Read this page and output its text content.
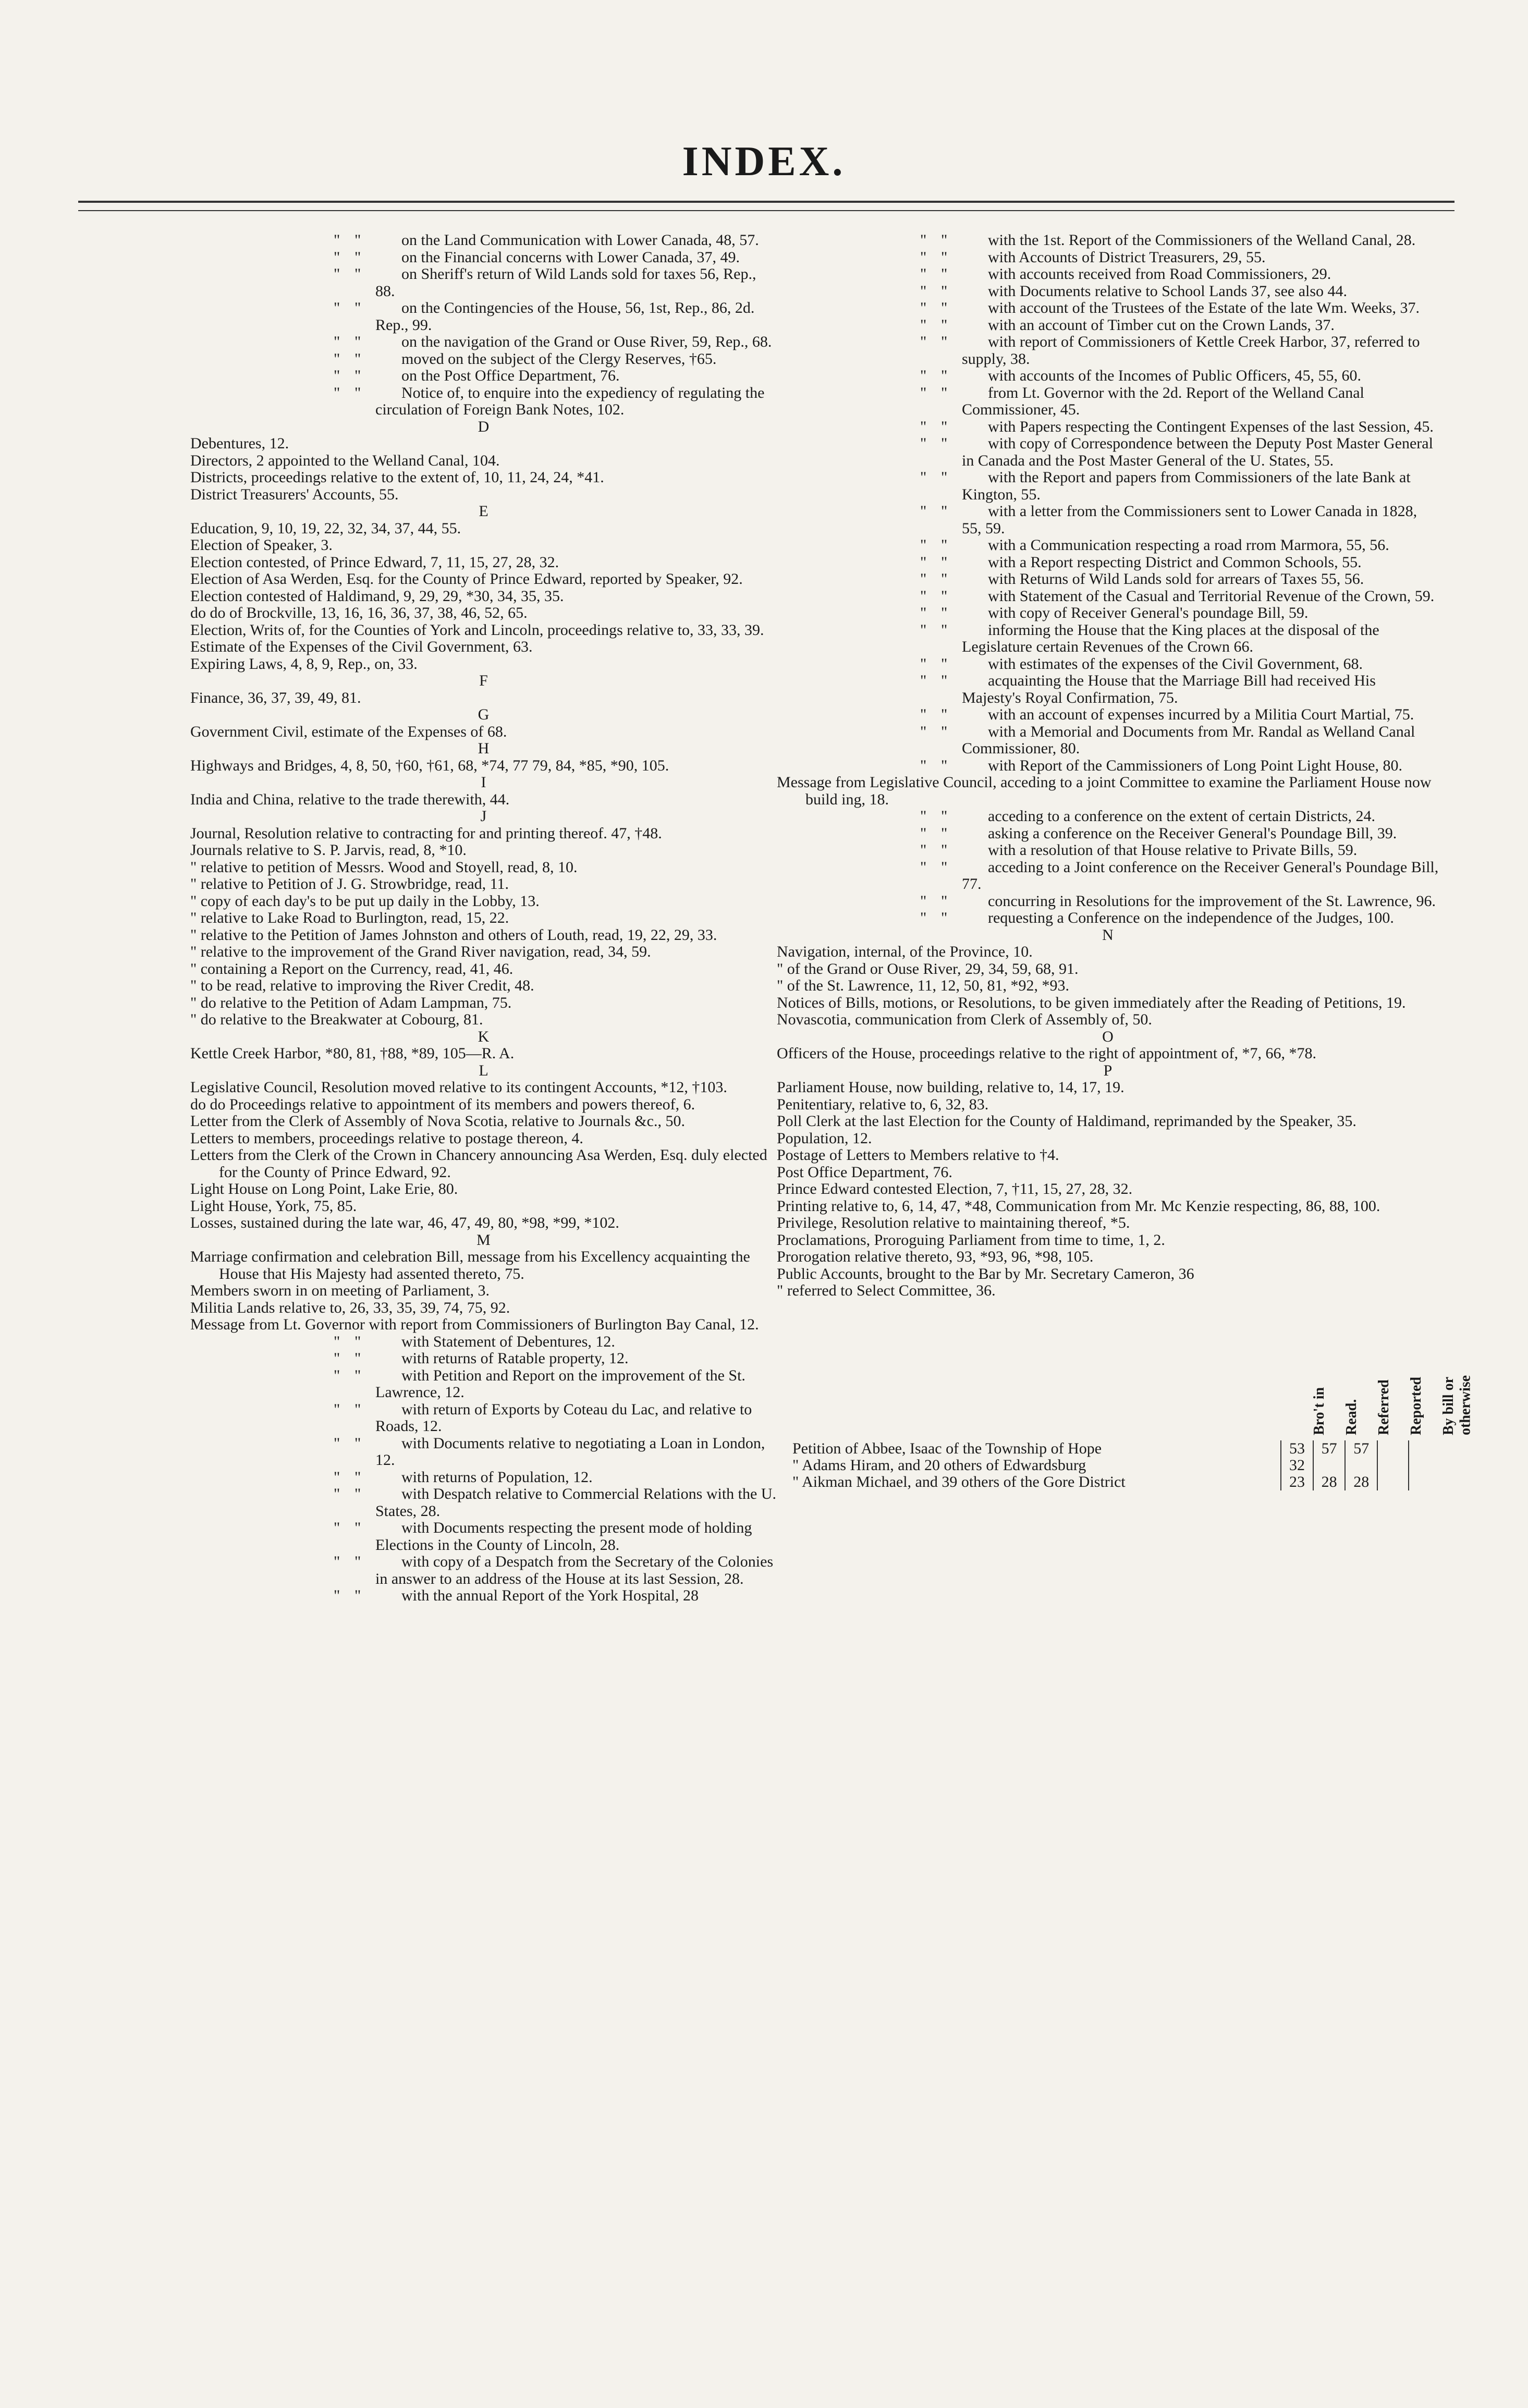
INDEX.
" "	on the Land Communication with Lower Canada, 48, 57.
" "	on the Financial concerns with Lower Canada, 37, 49.
" "	on Sheriff's return of Wild Lands sold for taxes 56, Rep., 88.
" "	on the Contingencies of the House, 56, 1st, Rep., 86, 2d. Rep., 99.
" "	on the navigation of the Grand or Ouse River, 59, Rep., 68.
" "	moved on the subject of the Clergy Reserves, †65.
" "	on the Post Office Department, 76.
" "	Notice of, to enquire into the expediency of regulating the circulation of Foreign Bank Notes, 102.
D
Debentures, 12.
Directors, 2 appointed to the Welland Canal, 104.
Districts, proceedings relative to the extent of, 10, 11, 24, 24, *41.
District Treasurers' Accounts, 55.
E
Education, 9, 10, 19, 22, 32, 34, 37, 44, 55.
Election of Speaker, 3.
Election contested, of Prince Edward, 7, 11, 15, 27, 28, 32.
Election of Asa Werden, Esq. for the County of Prince Edward, reported by Speaker, 92.
Election contested of Haldimand, 9, 29, 29, *30, 34, 35, 35.
do do of Brockville, 13, 16, 16, 36, 37, 38, 46, 52, 65.
Election, Writs of, for the Counties of York and Lincoln, proceedings relative to, 33, 33, 39.
Estimate of the Expenses of the Civil Government, 63.
Expiring Laws, 4, 8, 9, Rep., on, 33.
F
Finance, 36, 37, 39, 49, 81.
G
Government Civil, estimate of the Expenses of 68.
H
Highways and Bridges, 4, 8, 50, †60, †61, 68, *74, 77 79, 84, *85, *90, 105.
I
India and China, relative to the trade therewith, 44.
J
Journal, Resolution relative to contracting for and printing thereof. 47, †48.
Journals relative to S. P. Jarvis, read, 8, *10.
" relative to petition of Messrs. Wood and Stoyell, read, 8, 10.
" relative to Petition of J. G. Strowbridge, read, 11.
" copy of each day's to be put up daily in the Lobby, 13.
" relative to Lake Road to Burlington, read, 15, 22.
" relative to the Petition of James Johnston and others of Louth, read, 19, 22, 29, 33.
" relative to the improvement of the Grand River navigation, read, 34, 59.
" containing a Report on the Currency, read, 41, 46.
" to be read, relative to improving the River Credit, 48.
" do relative to the Petition of Adam Lampman, 75.
" do relative to the Breakwater at Cobourg, 81.
K
Kettle Creek Harbor, *80, 81, †88, *89, 105—R. A.
L
Legislative Council, Resolution moved relative to its contingent Accounts, *12, †103.
do do Proceedings relative to appointment of its members and powers thereof, 6.
Letter from the Clerk of Assembly of Nova Scotia, relative to Journals &c., 50.
Letters to members, proceedings relative to postage thereon, 4.
Letters from the Clerk of the Crown in Chancery announcing Asa Werden, Esq. duly elected for the County of Prince Edward, 92.
Light House on Long Point, Lake Erie, 80.
Light House, York, 75, 85.
Losses, sustained during the late war, 46, 47, 49, 80, *98, *99, *102.
M
Marriage confirmation and celebration Bill, message from his Excellency acquainting the House that His Majesty had assented thereto, 75.
Members sworn in on meeting of Parliament, 3.
Militia Lands relative to, 26, 33, 35, 39, 74, 75, 92.
Message from Lt. Governor with report from Commissioners of Burlington Bay Canal, 12.
" "	with Statement of Debentures, 12.
" "	with returns of Ratable property, 12.
" "	with Petition and Report on the improvement of the St. Lawrence, 12.
" "	with return of Exports by Coteau du Lac, and relative to Roads, 12.
" "	with Documents relative to negotiating a Loan in London, 12.
" "	with returns of Population, 12.
" "	with Despatch relative to Commercial Relations with the U. States, 28.
" "	with Documents respecting the present mode of holding Elections in the County of Lincoln, 28.
" "	with copy of a Despatch from the Secretary of the Colonies in answer to an address of the House at its last Session, 28.
" "	with the annual Report of the York Hospital, 28
" "	with the 1st. Report of the Commissioners of the Welland Canal, 28.
" "	with Accounts of District Treasurers, 29, 55.
" "	with accounts received from Road Commissioners, 29.
" "	with Documents relative to School Lands 37, see also 44.
" "	with account of the Trustees of the Estate of the late Wm. Weeks, 37.
" "	with an account of Timber cut on the Crown Lands, 37.
" "	with report of Commissioners of Kettle Creek Harbor, 37, referred to supply, 38.
" "	with accounts of the Incomes of Public Officers, 45, 55, 60.
" "	from Lt. Governor with the 2d. Report of the Welland Canal Commissioner, 45.
" "	with Papers respecting the Contingent Expenses of the last Session, 45.
" "	with copy of Correspondence between the Deputy Post Master General in Canada and the Post Master General of the U. States, 55.
" "	with the Report and papers from Commissioners of the late Bank at Kington, 55.
" "	with a letter from the Commissioners sent to Lower Canada in 1828, 55, 59.
" "	with a Communication respecting a road rrom Marmora, 55, 56.
" "	with a Report respecting District and Common Schools, 55.
" "	with Returns of Wild Lands sold for arrears of Taxes 55, 56.
" "	with Statement of the Casual and Territorial Revenue of the Crown, 59.
" "	with copy of Receiver General's poundage Bill, 59.
" "	informing the House that the King places at the disposal of the Legislature certain Revenues of the Crown 66.
" "	with estimates of the expenses of the Civil Government, 68.
" "	acquainting the House that the Marriage Bill had received His Majesty's Royal Confirmation, 75.
" "	with an account of expenses incurred by a Militia Court Martial, 75.
" "	with a Memorial and Documents from Mr. Randal as Welland Canal Commissioner, 80.
" "	with Report of the Cammissioners of Long Point Light House, 80.
Message from Legislative Council, acceding to a joint Committee to examine the Parliament House now build ing, 18.
" "	acceding to a conference on the extent of certain Districts, 24.
" "	asking a conference on the Receiver General's Poundage Bill, 39.
" "	with a resolution of that House relative to Private Bills, 59.
" "	acceding to a Joint conference on the Receiver General's Poundage Bill, 77.
" "	concurring in Resolutions for the improvement of the St. Lawrence, 96.
" "	requesting a Conference on the independence of the Judges, 100.
N
Navigation, internal, of the Province, 10.
" of the Grand or Ouse River, 29, 34, 59, 68, 91.
" of the St. Lawrence, 11, 12, 50, 81, *92, *93.
Notices of Bills, motions, or Resolutions, to be given immediately after the Reading of Petitions, 19.
Novascotia, communication from Clerk of Assembly of, 50.
O
Officers of the House, proceedings relative to the right of appointment of, *7, 66, *78.
P
Parliament House, now building, relative to, 14, 17, 19.
Penitentiary, relative to, 6, 32, 83.
Poll Clerk at the last Election for the County of Haldimand, reprimanded by the Speaker, 35.
Population, 12.
Postage of Letters to Members relative to †4.
Post Office Department, 76.
Prince Edward contested Election, 7, †11, 15, 27, 28, 32.
Printing relative to, 6, 14, 47, *48, Communication from Mr. Mc Kenzie respecting, 86, 88, 100.
Privilege, Resolution relative to maintaining thereof, *5.
Proclamations, Proroguing Parliament from time to time, 1, 2.
Prorogation relative thereto, 93, *93, 96, *98, 105.
Public Accounts, brought to the Bar by Mr. Secretary Cameron, 36
" referred to Select Committee, 36.
Bro't in	Read.	Referred	Reported	By bill or otherwise
Petition of Abbee, Isaac of the Township of Hope	53	57	57		
" Adams Hiram, and 20 others of Edwardsburg	32				
" Aikman Michael, and 39 others of the Gore District	23	28	28		
